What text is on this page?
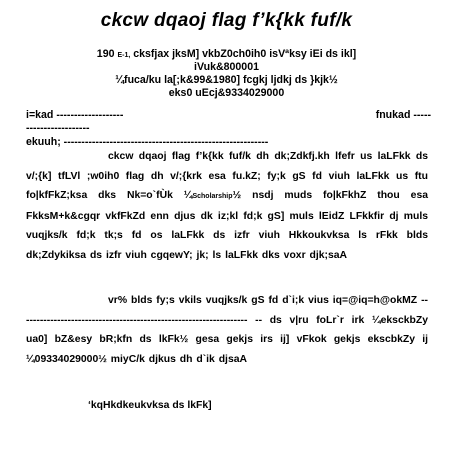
ckcw dqaoj flag f’k{kk fuf/k
190 E-1, cksfjax jksM] vkbZ0ch0ih0 isVªksy iEi ds ikl]
iVuk&800001
¼fuca/ku la[;k&99&1980] fcgkj ljdkj ds }kjk½
eks0 uEcj&9334029000
i=kad -------------------	fnukad -----
------------------
ekuuh; ----------------------------------------------------------
ckcw dqaoj flag f’k{kk fuf/k dh dk;Zdkfj.kh lfefr us laLFkk ds v/;{k] tfLVl ;w0ih0 flag dh v/;{krk esa fu.kZ; fy;k gS fd viuh laLFkk us ftu fo|kfFkZ;ksa dks Nk=o`fÙk ¼Scholarship½ nsdj muds fo|kFkhZ thou esa FkksM+k&cgqr vkfFkZd enn djus dk iz;kl fd;k gS] muls lEidZ LFkkfir dj muls vuqjks/k fd;k tk;s fd os laLFkk ds izfr viuh Hkkoukvksa ls rFkk blds dk;Zdykiksa ds izfr viuh cgqewY; jk; ls laLFkk dks voxr djk;saA
vr% blds fy;s vkils vuqjks/k gS fd d`i;k vius iq=@iq=h@okMZ ------------------------------------------------------------------ -- ds v|ru foLr`r irk ¼eksckbZy ua0] bZ&esy bR;kfn ds lkFk½ gesa gekjs irs ij] vFkok gekjs ekscbkZy ij ¼09334029000½ miyC/k djkus dh d`ik djsaA
‘kqHkdkeukvksa ds lkFk]
